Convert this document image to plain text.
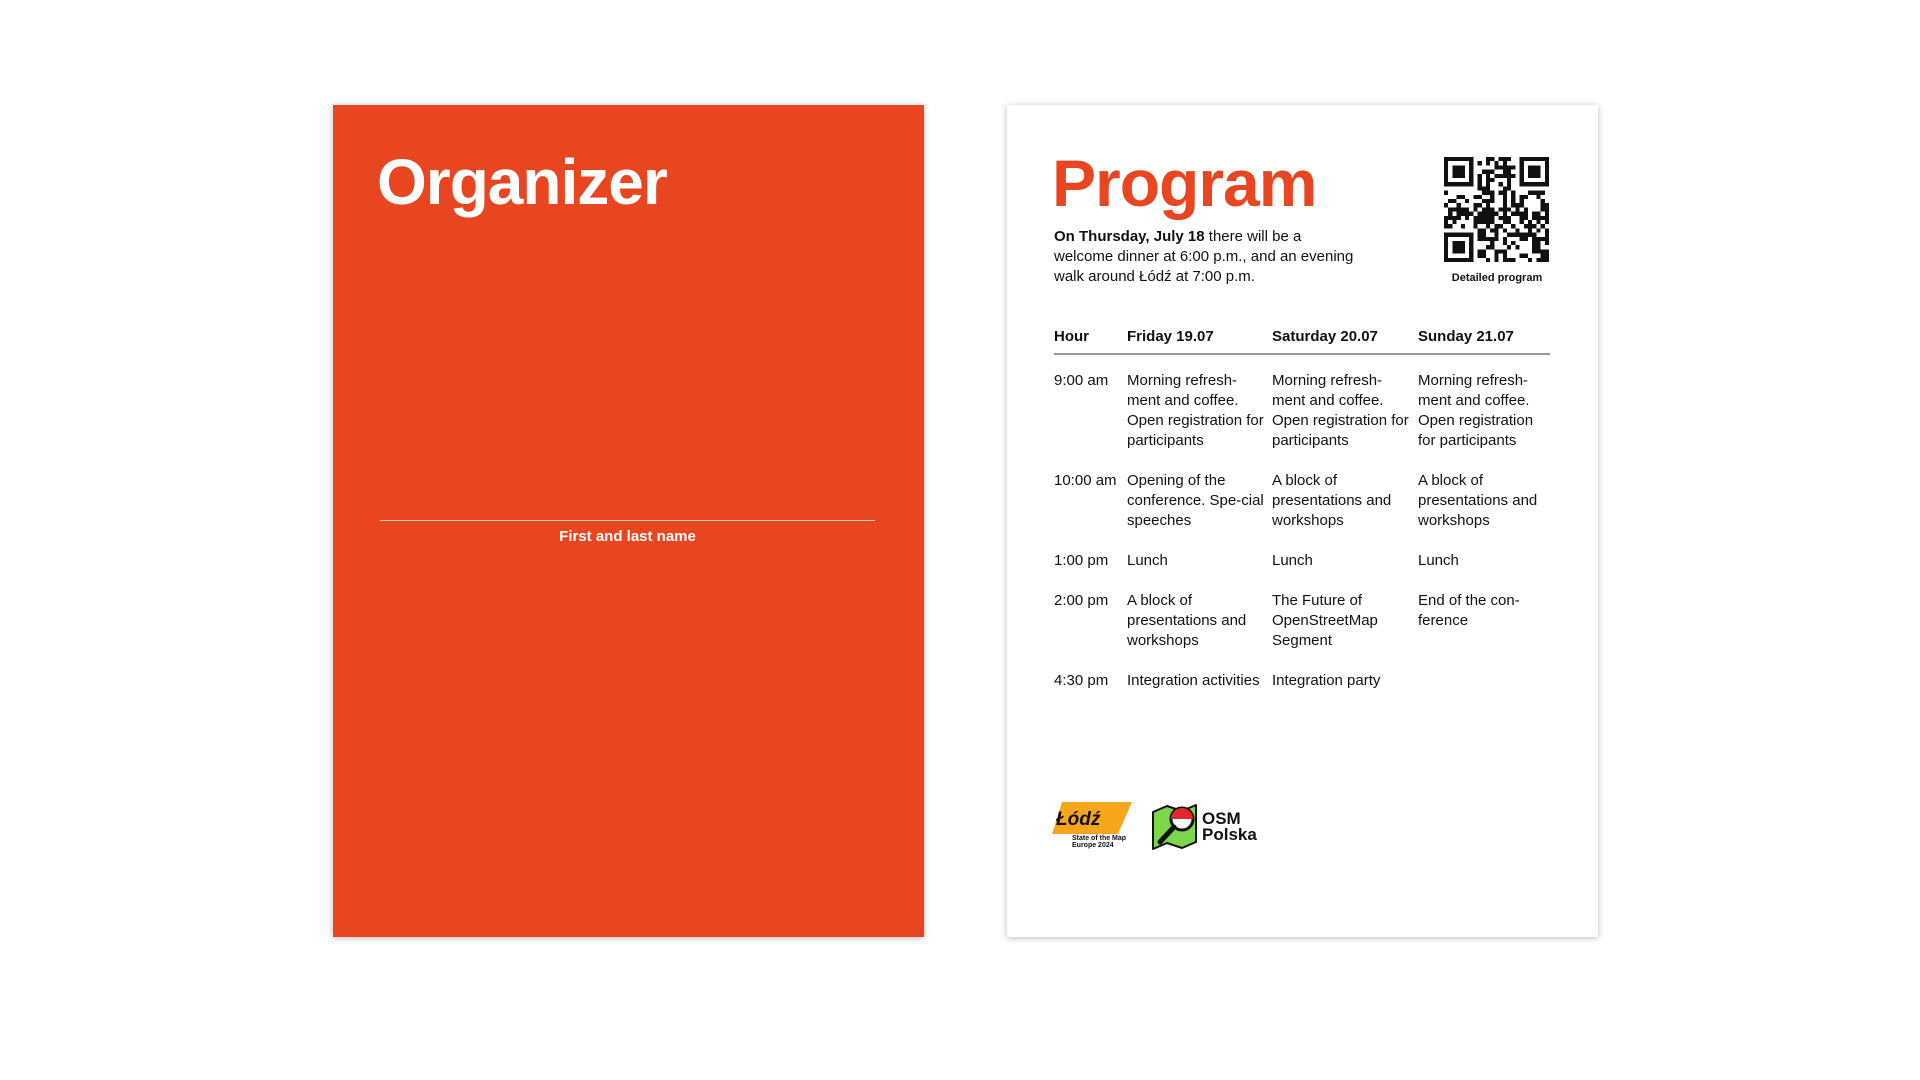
Organizer
First and last name
Program
On Thursday, July 18 there will be a welcome dinner at 6:00 p.m., and an evening walk around Łódź at 7:00 p.m.	Detailed program
Hour	Friday 19.07	Saturday 20.07	Sunday 21.07
9:00 am	Morning refresh-ment and coffee. Open registration for participants	Morning refresh-ment and coffee. Open registration for participants	Morning refresh-ment and coffee. Open registration for participants
10:00 am	Opening of the conference. Spe-cial speeches	A block of presentations and workshops	A block of presentations and workshops
1:00 pm	Lunch	Lunch	Lunch
2:00 pm	A block of presentations and workshops	The Future of OpenStreetMap Segment	End of the con-ference
4:30 pm	Integration activities	Integration party	
Łódź
State of the Map Europe 2024
OSM
Polska
